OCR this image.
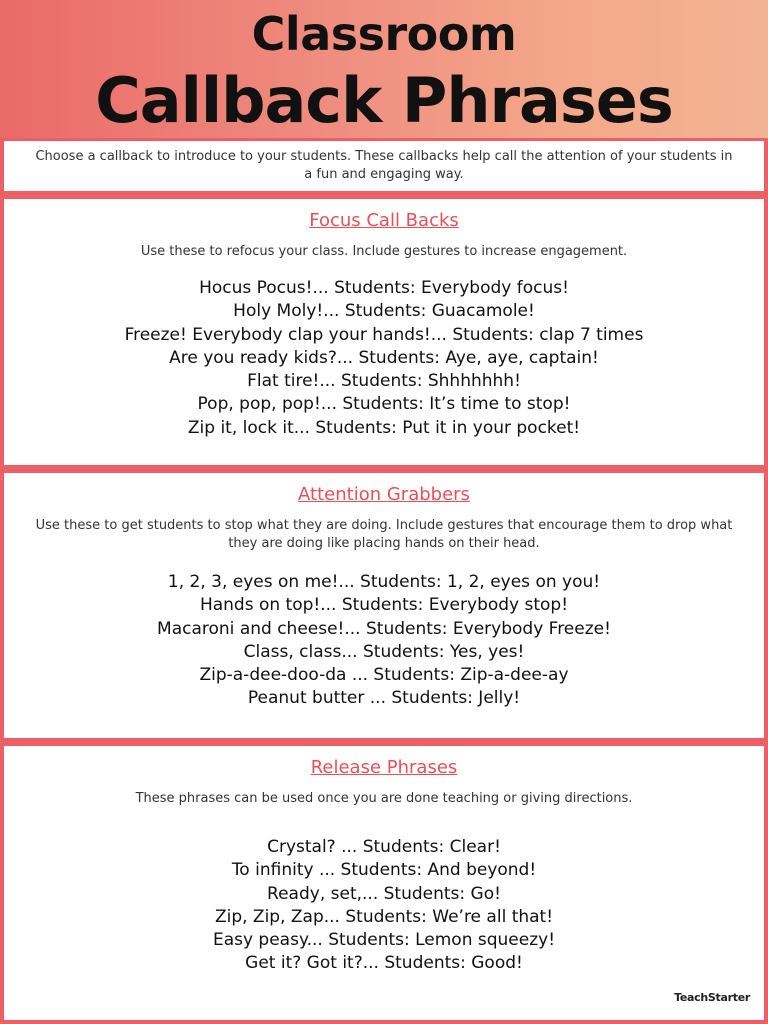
Classroom
Callback Phrases
Choose a callback to introduce to your students. These callbacks help call the attention of your students in a fun and engaging way.
Focus Call Backs
Use these to refocus your class. Include gestures to increase engagement.
Hocus Pocus!... Students: Everybody focus!
Holy Moly!... Students: Guacamole!
Freeze! Everybody clap your hands!... Students: clap 7 times
Are you ready kids?... Students: Aye, aye, captain!
Flat tire!... Students: Shhhhhhh!
Pop, pop, pop!... Students: It’s time to stop!
Zip it, lock it... Students: Put it in your pocket!
Attention Grabbers
Use these to get students to stop what they are doing. Include gestures that encourage them to drop what they are doing like placing hands on their head.
1, 2, 3, eyes on me!... Students: 1, 2, eyes on you!
Hands on top!... Students: Everybody stop!
Macaroni and cheese!... Students: Everybody Freeze!
Class, class... Students: Yes, yes!
Zip-a-dee-doo-da ... Students: Zip-a-dee-ay
Peanut butter ... Students: Jelly!
Release Phrases
These phrases can be used once you are done teaching or giving directions.
Crystal? ... Students: Clear!
To infinity ... Students: And beyond!
Ready, set,... Students: Go!
Zip, Zip, Zap... Students: We’re all that!
Easy peasy... Students: Lemon squeezy!
Get it? Got it?... Students: Good!
TeachStarter
